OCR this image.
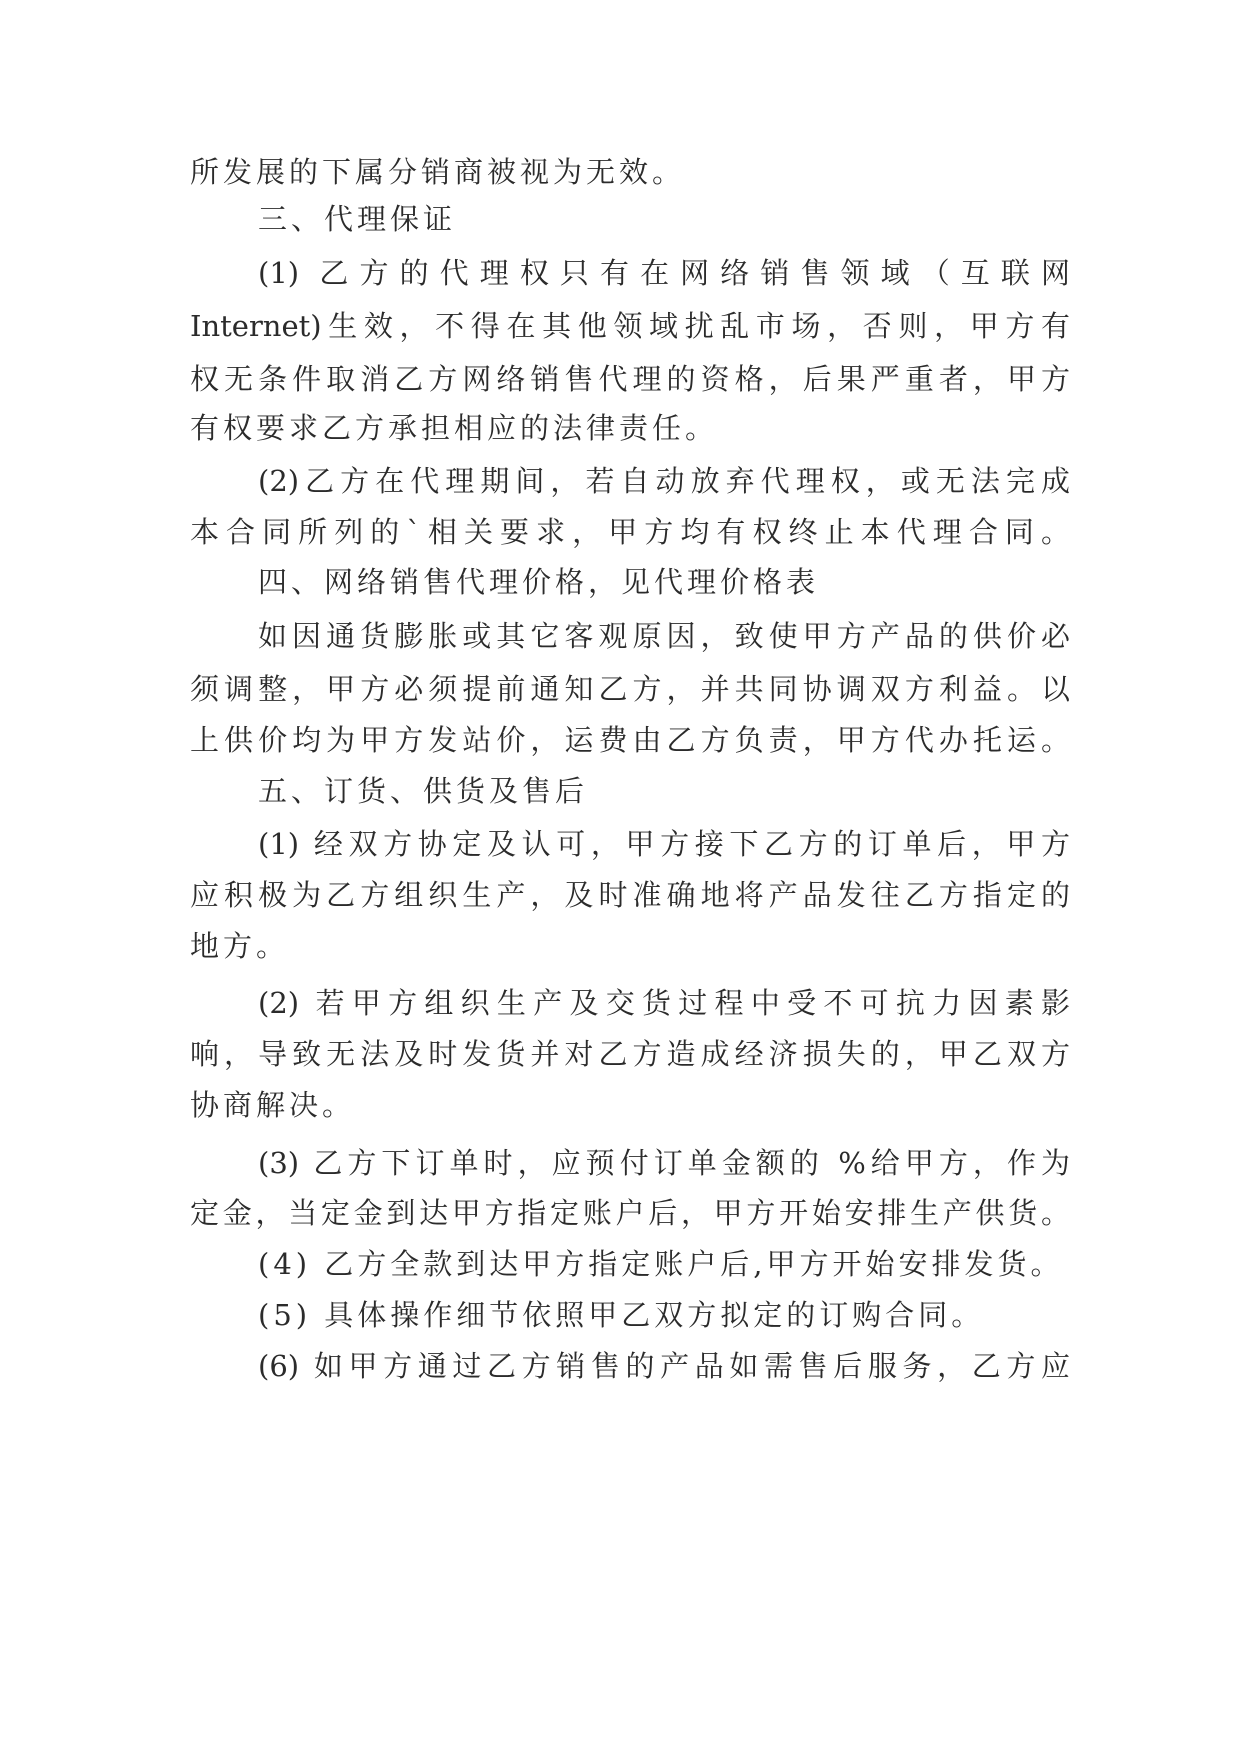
所发展的下属分销商被视为无效。
三、代理保证
(1) 乙方的代理权只有在网络销售领域（互联网
Internet)生效，不得在其他领域扰乱市场，否则，甲方有
权无条件取消乙方网络销售代理的资格，后果严重者，甲方
有权要求乙方承担相应的法律责任。
(2)乙方在代理期间，若自动放弃代理权，或无法完成
本合同所列的`相关要求，甲方均有权终止本代理合同。
四、网络销售代理价格，见代理价格表
如因通货膨胀或其它客观原因，致使甲方产品的供价必
须调整，甲方必须提前通知乙方，并共同协调双方利益。以
上供价均为甲方发站价，运费由乙方负责，甲方代办托运。
五、订货、供货及售后
(1) 经双方协定及认可，甲方接下乙方的订单后，甲方
应积极为乙方组织生产，及时准确地将产品发往乙方指定的
地方。
(2) 若甲方组织生产及交货过程中受不可抗力因素影
响，导致无法及时发货并对乙方造成经济损失的，甲乙双方
协商解决。
(3) 乙方下订单时，应预付订单金额的 %给甲方，作为
定金，当定金到达甲方指定账户后，甲方开始安排生产供货。
(4) 乙方全款到达甲方指定账户后,甲方开始安排发货。
(5) 具体操作细节依照甲乙双方拟定的订购合同。
(6) 如甲方通过乙方销售的产品如需售后服务，乙方应
